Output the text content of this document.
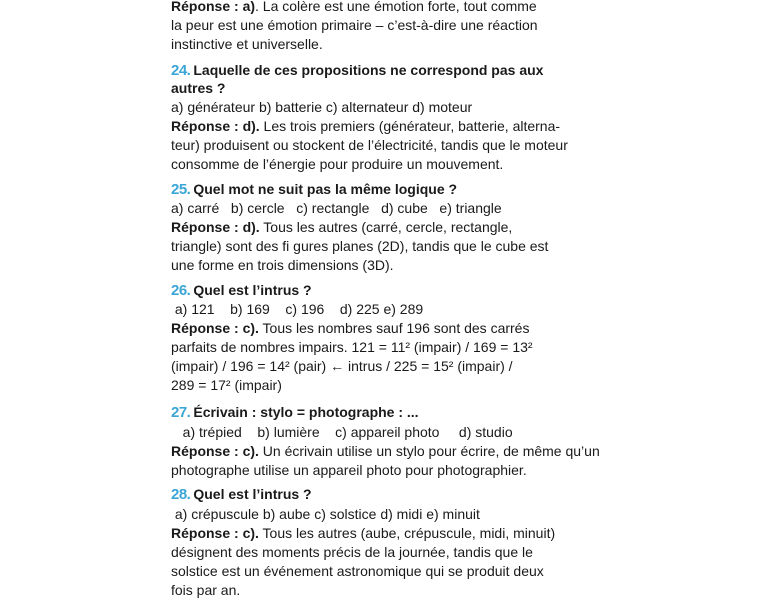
Réponse : a). La colère est une émotion forte, tout comme

la peur est une émotion primaire – c’est-à-dire une réaction

instinctive et universelle.

24. Laquelle de ces propositions ne correspond pas aux

autres ?

a) générateur b) batterie c) alternateur d) moteur

Réponse : d). Les trois premiers (générateur, batterie, alterna-

teur) produisent ou stockent de l’électricité, tandis que le moteur

consomme de l’énergie pour produire un mouvement.

25. Quel mot ne suit pas la même logique ?

a) carré   b) cercle   c) rectangle   d) cube   e) triangle

Réponse : d). Tous les autres (carré, cercle, rectangle,

triangle) sont des fi gures planes (2D), tandis que le cube est

une forme en trois dimensions (3D).

26. Quel est l’intrus ?

a) 121    b) 169    c) 196    d) 225 e) 289

Réponse : c). Tous les nombres sauf 196 sont des carrés

parfaits de nombres impairs. 121 = 11² (impair) / 169 = 13²

(impair) / 196 = 14² (pair) ← intrus / 225 = 15² (impair) /

289 = 17² (impair)

27. Écrivain : stylo = photographe : ...

a) trépied    b) lumière    c) appareil photo     d) studio

Réponse : c). Un écrivain utilise un stylo pour écrire, de même qu’un

photographe utilise un appareil photo pour photographier.

28. Quel est l’intrus ?

a) crépuscule b) aube c) solstice d) midi e) minuit

Réponse : c). Tous les autres (aube, crépuscule, midi, minuit)

désignent des moments précis de la journée, tandis que le

solstice est un événement astronomique qui se produit deux

fois par an.
